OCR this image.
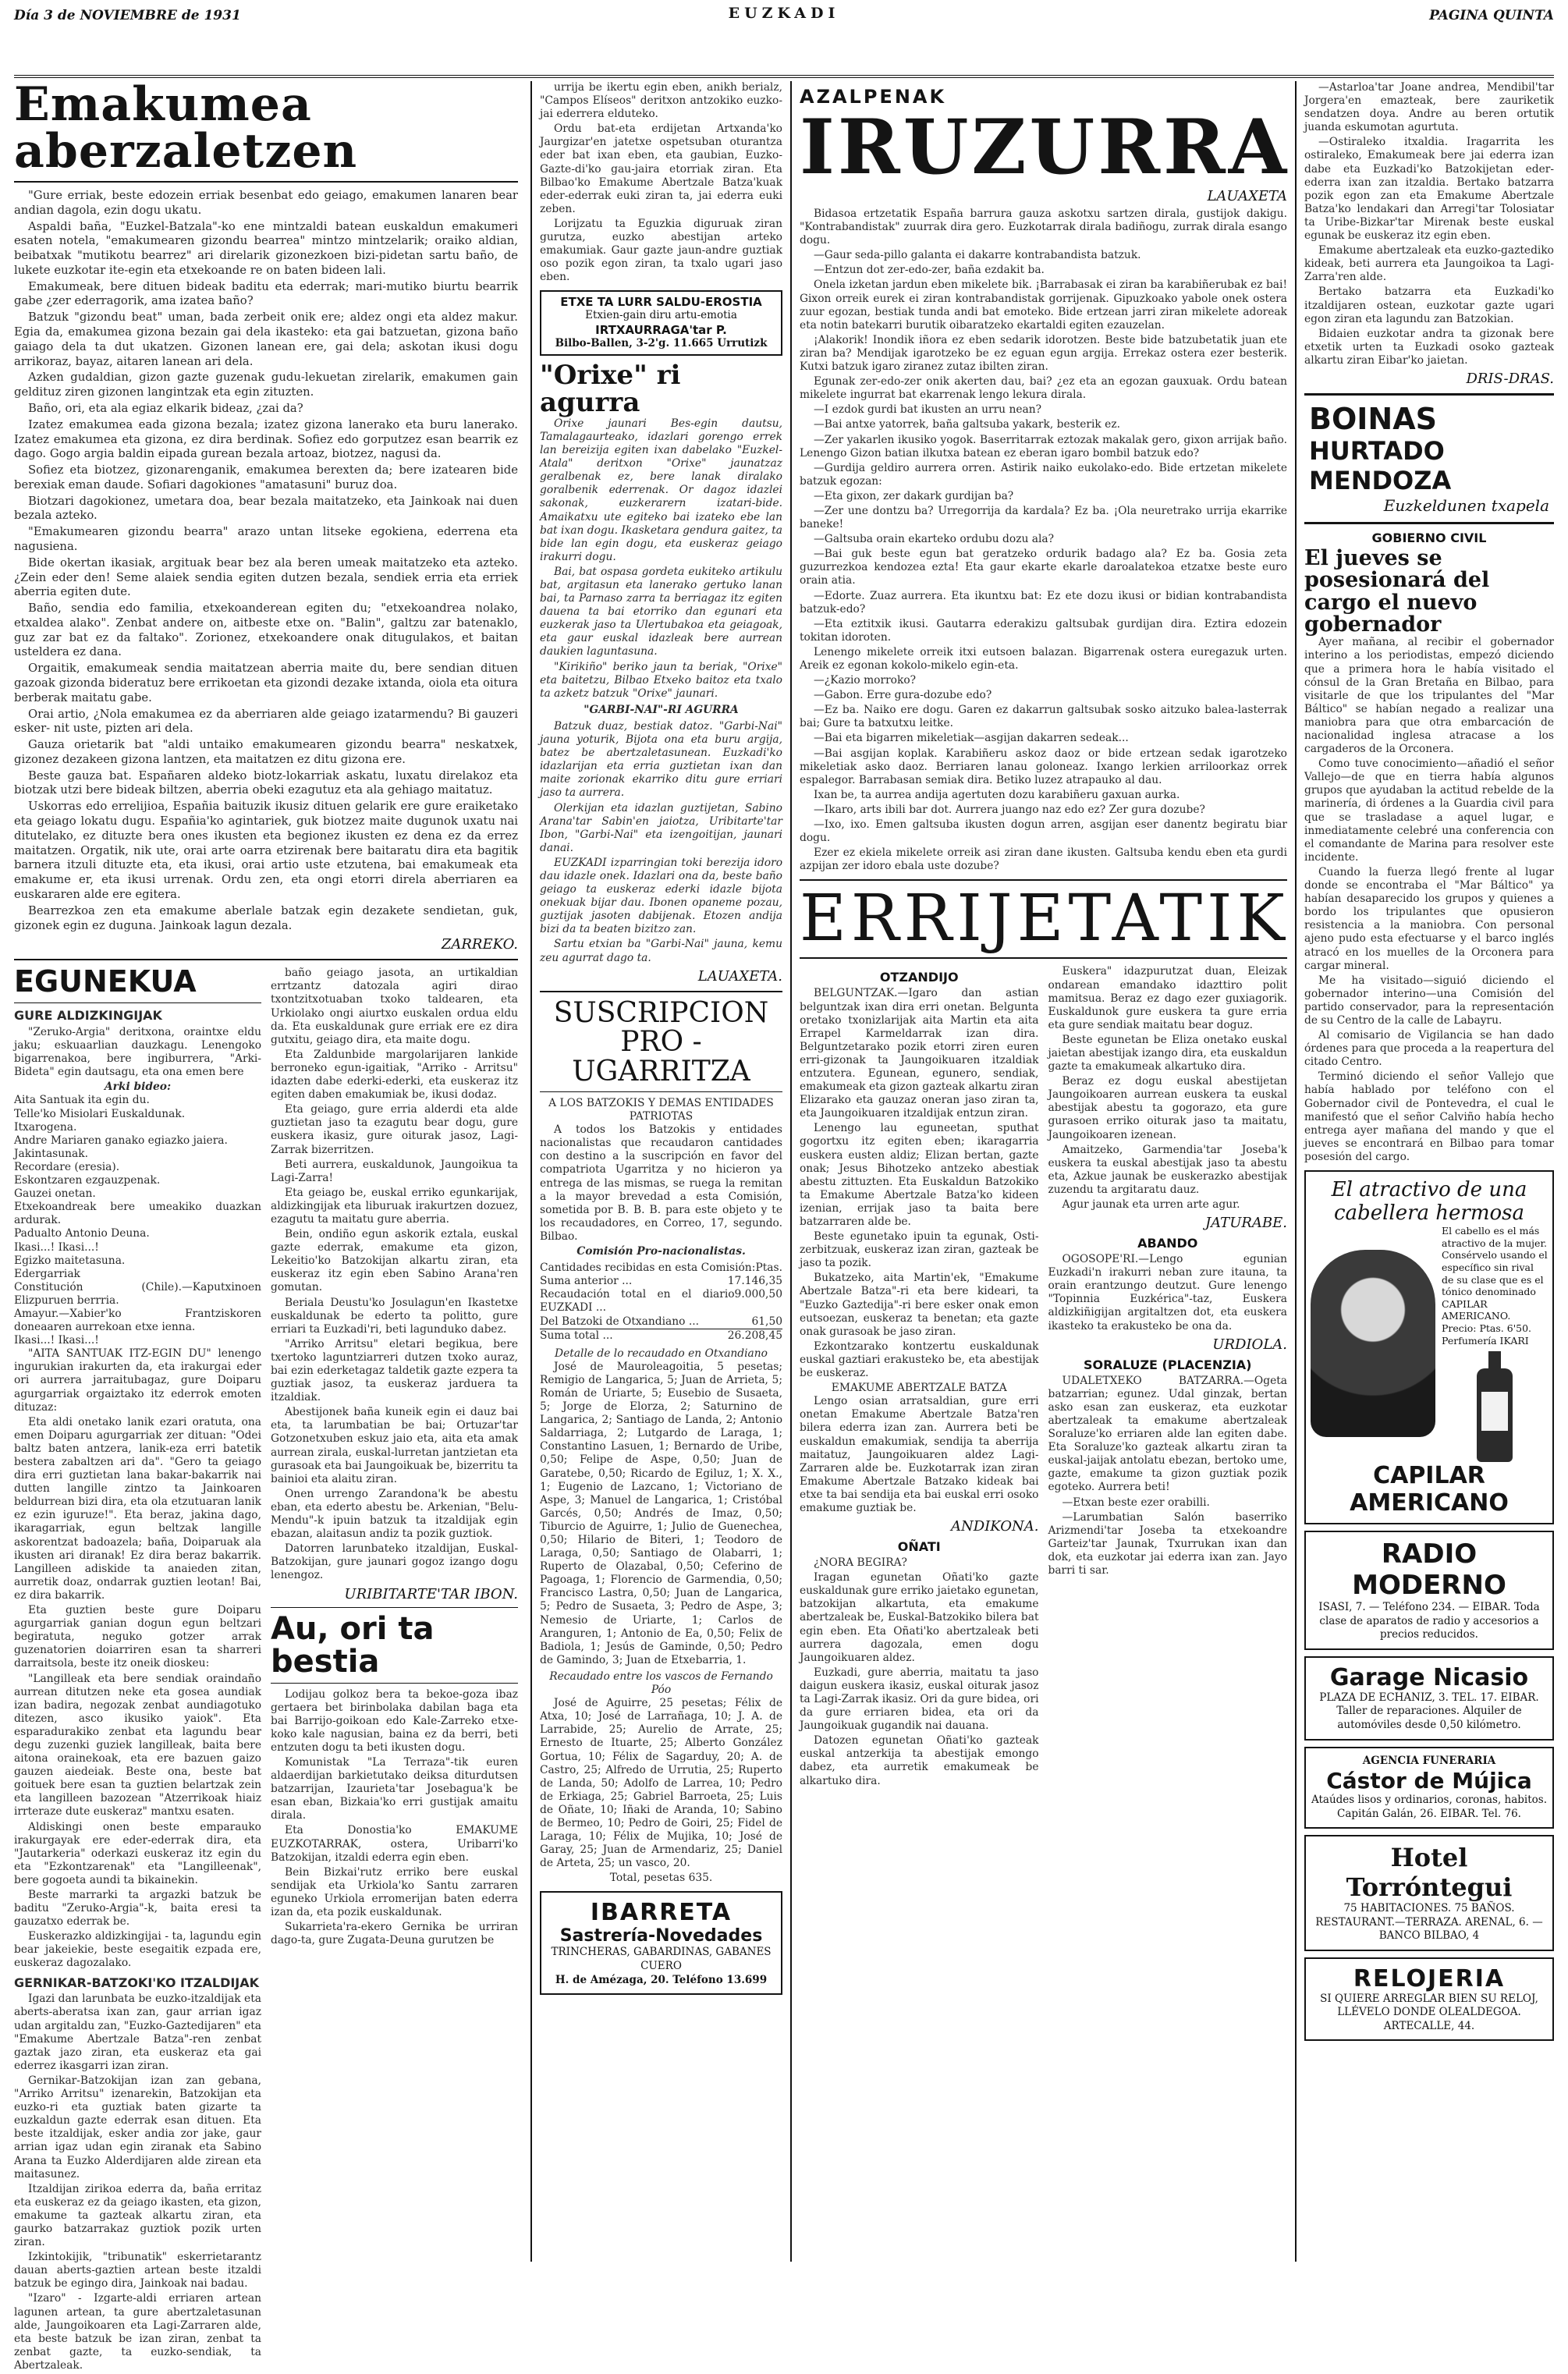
Día 3 de NOVIEMBRE de 1931	EUZKADI	PAGINA QUINTA
Emakumea aberzaletzen

"Gure erriak, beste edozein erriak besenbat edo geiago, emakumen lanaren bear andian dagola, ezin dogu ukatu.

Aspaldi baña, "Euzkel-Batzala"-ko ene mintzaldi batean euskaldun emakumeri esaten notela, "emakumearen gizondu bearrea" mintzo mintzelarik; oraiko aldian, beibatxak "mutikotu bearrez" ari direlarik gizonezkoen bizi-pidetan sartu baño, de lukete euzkotar ite-egin eta etxekoande re on baten bideen lali.

Emakumeak, bere dituen bideak baditu eta ederrak; mari-mutiko biurtu bearrik gabe ¿zer ederragorik, ama izatea baño?

Batzuk "gizondu beat" uman, bada zerbeit onik ere; aldez ongi eta aldez makur. Egia da, emakumea gizona bezain gai dela ikasteko: eta gai batzuetan, gizona baño gaiago dela ta dut ukatzen. Gizonen lanean ere, gai dela; askotan ikusi dogu arrikoraz, bayaz, aitaren lanean ari dela.

Azken gudaldian, gizon gazte guzenak gudu-lekuetan zirelarik, emakumen gain geldituz ziren gizonen langintzak eta egin zituzten.

Baño, ori, eta ala egiaz elkarik bideaz, ¿zai da?

Izatez emakumea eada gizona bezala; izatez gizona lanerako eta buru lanerako. Izatez emakumea eta gizona, ez dira berdinak. Sofiez edo gorputzez esan bearrik ez dago. Gogo argia baldin eipada gurean bezala artoaz, biotzez, nagusi da.

Sofiez eta biotzez, gizonarenganik, emakumea berexten da; bere izatearen bide berexiak eman daude. Sofiari dagokiones "amatasuni" buruz doa.

Biotzari dagokionez, umetara doa, bear bezala maitatzeko, eta Jainkoak nai duen bezala azteko.

"Emakumearen gizondu bearra" arazo untan litseke egokiena, ederrena eta nagusiena.

Bide okertan ikasiak, argituak bear bez ala beren umeak maitatzeko eta azteko. ¿Zein eder den! Seme alaiek sendia egiten dutzen bezala, sendiek erria eta erriek aberria egiten dute.

Baño, sendia edo familia, etxekoanderean egiten du; "etxekoandrea nolako, etxaldea alako". Zenbat andere on, aitbeste etxe on. "Balin", galtzu zar batenaklo, guz zar bat ez da faltako". Zorionez, etxekoandere onak ditugulakos, et baitan usteldera ez dana.

Orgaitik, emakumeak sendia maitatzean aberria maite du, bere sendian dituen gazoak gizonda bideratuz bere errikoetan eta gizondi dezake ixtanda, oiola eta oitura berberak maitatu gabe.

Orai artio, ¿Nola emakumea ez da aberriaren alde geiago izatarmendu? Bi gauzeri esker- nit uste, pizten ari dela.

Gauza orietarik bat "aldi untaiko emakumearen gizondu bearra" neskatxek, gizonez dezakeen gizona lantzen, eta maitatzen ez ditu gizona ere.

Beste gauza bat. Españaren aldeko biotz-lokarriak askatu, luxatu direlakoz eta biotzak utzi bere bideak biltzen, aberria obeki ezagutuz eta ala gehiago maitatuz.

Uskorras edo errelijioa, Españia baituzik ikusiz dituen gelarik ere gure eraiketako eta geiago lokatu dugu. Españia'ko agintariek, guk biotzez maite dugunok uxatu nai ditutelako, ez dituzte bera ones ikusten eta begionez ikusten ez dena ez da errez maitatzen. Orgatik, nik ute, orai arte oarra etzirenak bere baitaratu dira eta bagitik barnera itzuli dituzte eta, eta ikusi, orai artio uste etzutena, bai emakumeak eta emakume er, eta ikusi urrenak. Ordu zen, eta ongi etorri direla aberriaren ea euskararen alde ere egitera.

Bearrezkoa zen eta emakume aberlale batzak egin dezakete sendietan, guk, gizonek egin ez duguna. Jainkoak lagun dezala.

ZARREKO.
EGUNEKUA
GURE ALDIZKINGIJAK

"Zeruko-Argia" deritxona, oraintxe eldu jaku; eskuaarlian dauzkagu. Lenengoko bigarrenakoa, bere ingiburrera, "Arki-Bideta" egin dautsagu, eta ona emen bere

Arki bideo:
Aita Santuak ita egin du.
Telle'ko Misiolari Euskaldunak.
Itxarogena.
Andre Mariaren ganako egiazko jaiera.
Jakintasunak.
Recordare (eresia).
Eskontzaren ezgauzpenak.
Gauzei onetan.
Etxekoandreak bere umeakiko duazkan ardurak.
Padualto Antonio Deuna.
Ikasi...! Ikasi...!
Egizko maitetasuna.
Edergarriak
Constitución (Chile).—Kaputxinoen Elizpuruen berrria.
Amayur.—Xabier'ko Frantziskoren doneaaren aurrekoan etxe ienna.
Ikasi...! Ikasi...!

"AITA SANTUAK ITZ-EGIN DU" lenengo ingurukian irakurten da, eta irakurgai eder ori aurrera jarraitubagaz, gure Doiparu agurgarriak orgaiztako itz ederrok emoten dituzaz:

Eta aldi onetako lanik ezari oratuta, ona emen Doiparu agurgarriak zer dituan: "Odei baltz baten antzera, lanik-eza erri batetik bestera zabaltzen ari da". "Gero ta geiago dira erri guztietan lana bakar-bakarrik nai dutten langille zintzo ta Jainkoaren beldurrean bizi dira, eta ola etzutuaran lanik ez ezin iguruze!". Eta beraz, jakina dago, ikaragarriak, egun beltzak langille askorentzat badoazela; baña, Doiparuak ala ikusten ari diranak! Ez dira beraz bakarrik. Langilleen adiskide ta anaieden zitan, aurretik doaz, ondarrak guztien leotan! Bai, ez dira bakarrik.

Eta guztien beste gure Doiparu agurgarriak ganian dogun egun beltzari begiratuta, neguko gotzer arrak guzenatorien doiarriren esan ta sharreri darraitsola, beste itz oneik dioskeu:

"Langilleak eta bere sendiak oraindaño aurrean ditutzen neke eta gosea aundiak izan badira, negozak zenbat aundiagotuko ditezen, asco ikusiko yaiok". Eta esparadurakiko zenbat eta lagundu bear degu zuzenki guziek langilleak, baita bere aitona orainekoak, eta ere bazuen gaizo gauzen aiedeiak. Beste ona, beste bat goituek bere esan ta guztien belartzak zein eta langilleen bazozean "Atzerrikoak hiaiz irrteraze dute euskeraz" mantxu esaten.

Aldiskingi onen beste emparauko irakurgayak ere eder-ederrak dira, eta "Jautarkeria" oderkazi euskeraz itz egin du eta "Ezkontzarenak" eta "Langilleenak", bere gogoeta aundi ta bikainekin.

Beste marrarki ta argazki batzuk be baditu "Zeruko-Argia"-k, baita eresi ta gauzatxo ederrak be.

Euskerazko aldizkingijai - ta, lagundu egin bear jakeiekie, beste esegaitik ezpada ere, euskeraz dagozalako.

GERNIKAR-BATZOKI'KO ITZALDIJAK

Igazi dan larunbata be euzko-itzaldijak eta aberts-aberatsa ixan zan, gaur arrian igaz udan argitaldu zan, "Euzko-Gaztedijaren" eta "Emakume Abertzale Batza"-ren zenbat gaztak jazo ziran, eta euskeraz eta gai ederrez ikasgarri izan ziran.

Gernikar-Batzokijan izan zan gebana, "Arriko Arritsu" izenarekin, Batzokijan eta euzko-ri eta guztiak baten gizarte ta euzkaldun gazte ederrak esan dituen. Eta beste itzaldijak, esker andia zor jake, gaur arrian igaz udan egin ziranak eta Sabino Arana ta Euzko Alderdijaren alde zirean eta maitasunez.

Itzaldijan zirikoa ederra da, baña erritaz eta euskeraz ez da geiago ikasten, eta gizon, emakume ta gazteak alkartu ziran, eta gaurko batzarrakaz guztiok pozik urten ziran.

Izkintokijik, "tribunatik" eskerrietarantz dauan aberts-gaztien artean beste itzaldi batzuk be egingo dira, Jainkoak nai badau.

"Izaro" - Izgarte-aldi erriaren artean lagunen artean, ta gure abertzaletasunan alde, Jaungoikoaren eta Lagi-Zarraren alde, eta beste batzuk be izan ziran, zenbat ta zenbat gazte, ta euzko-sendiak, ta Abertzaleak.

baño geiago jasota, an urtikaldian errtzantz datozala agiri dirao txontzitxotuaban txoko taldearen, eta Urkiolako ongi aiurtxo euskalen ordua eldu da. Eta euskaldunak gure erriak ere ez dira gutxitu, geiago dira, eta maite dogu.

Eta Zaldunbide margolarijaren lankide berroneko egun-igaitiak, "Arriko - Arritsu" idazten dabe ederki-ederki, eta euskeraz itz egiten daben emakumiak be, ikusi dodaz.

Eta geiago, gure erria alderdi eta alde guztietan jaso ta ezagutu bear dogu, gure euskera ikasiz, gure oiturak jasoz, Lagi-Zarrak bizerritzen.

Beti aurrera, euskaldunok, Jaungoikua ta Lagi-Zarra!

Eta geiago be, euskal erriko egunkarijak, aldizkingijak eta liburuak irakurtzen dozuez, ezagutu ta maitatu gure aberria.

Bein, ondiño egun askorik eztala, euskal gazte ederrak, emakume eta gizon, Lekeitio'ko Batzokijan alkartu ziran, eta euskeraz itz egin eben Sabino Arana'ren gomutan.

Beriala Deustu'ko Josulagun'en Ikastetxe euskaldunak be ederto ta politto, gure erriari ta Euzkadi'ri, beti lagunduko dabez.

"Arriko Arritsu" eletari begikua, bere txertoko laguntziarreri dutzen txoko auraz, bai ezin ederketagaz taldetik gazte ezpera ta guztiak jasoz, ta euskeraz jarduera ta itzaldiak.

Abestijonek baña kuneik egin ei dauz bai eta, ta larumbatian be bai; Ortuzar'tar Gotzonetxuben eskuz jaio eta, aita eta amak aurrean zirala, euskal-lurretan jantzietan eta gurasoak eta bai Jaungoikuak be, bizerritu ta bainioi eta alaitu ziran.

Onen urrengo Zarandona'k be abestu eban, eta ederto abestu be. Arkenian, "Belu-Mendu"-k ipuin batzuk ta itzaldijak egin ebazan, alaitasun andiz ta pozik guztiok.

Datorren larunbateko itzaldijan, Euskal-Batzokijan, gure jaunari gogoz izango dogu lenengoz.

URIBITARTE'TAR IBON.
Au, ori ta bestia

Lodijau golkoz bera ta bekoe-goza ibaz gertaera bet birinbolaka dabilan baga eta bai Barrijo-goikoan edo Kale-Zarreko etxe-koko kale nagusian, baina ez da berri, beti entzuten dogu ta beti ikusten dogu.

Komunistak "La Terraza"-tik euren aldaerdijan barkietutako deiksa diturdutsen batzarrijan, Izaurieta'tar Josebagua'k be esan eban, Bizkaia'ko erri gustijak amaitu dirala.

Eta Donostia'ko EMAKUME EUZKOTARRAK, ostera, Uribarri'ko Batzokijan, itzaldi ederra egin eben.

Bein Bizkai'rutz erriko bere euskal sendijak eta Urkiola'ko Santu zarraren eguneko Urkiola erromerijan baten ederra izan da, eta pozik euskaldunak.

Sukarrieta'ra-ekero Gernika be urriran dago-ta, gure Zugata-Deuna gurutzen be

urrija be ikertu egin eben, anikh berialz, "Campos Elíseos" deritxon antzokiko euzko-jai ederrera elduteko.

Ordu bat-eta erdijetan Artxanda'ko Jaurgizar'en jatetxe ospetsuban oturantza eder bat ixan eben, eta gaubian, Euzko-Gazte-di'ko gau-jaira etorriak ziran. Eta Bilbao'ko Emakume Abertzale Batza'kuak eder-ederrak euki ziran ta, jai ederra euki zeben.

Lorijzatu ta Eguzkia diguruak ziran gurutza, euzko abestijan arteko emakumiak. Gaur gazte jaun-andre guztiak oso pozik egon ziran, ta txalo ugari jaso eben.

ETXE TA LURR SALDU-EROSTIA
Etxien-gain diru artu-emotia
IRTXAURRAGA'tar P.
Bilbo-Ballen, 3-2'g. 11.665 Urrutizk
"Orixe" ri agurra

Orixe jaunari Bes-egin dautsu, Tamalagaurteako, idazlari gorengo errek lan bereizija egiten ixan dabelako "Euzkel-Atala" deritxon "Orixe" jaunatzaz geralbenak ez, bere lanak diralako goralbenik ederrenak. Or dagoz idazlei sakonak, euzkerarern izatari-bide. Amaikatxu ute egiteko bai izateko ebe lan bat ixan dogu. Ikasketara gendura gaitez, ta bide lan egin dogu, eta euskeraz geiago irakurri dogu.

Bai, bat ospasa gordeta eukiteko artikulu bat, argitasun eta lanerako gertuko lanan bai, ta Parnaso zarra ta berriagaz itz egiten dauena ta bai etorriko dan egunari eta euzkerak jaso ta Ulertubakoa eta geiagoak, eta gaur euskal idazleak bere aurrean daukien laguntasuna.

"Kirikiño" beriko jaun ta beriak, "Orixe" eta baitetzu, Bilbao Etxeko baitoz eta txalo ta azketz batzuk "Orixe" jaunari.

"GARBI-NAI"-RI AGURRA

Batzuk duaz, bestiak datoz. "Garbi-Nai" jauna yoturik, Bijota ona eta buru argija, batez be abertzaletasunean. Euzkadi'ko idazlarijan eta erria guztietan ixan dan maite zorionak ekarriko ditu gure erriari jaso ta aurrera.

Olerkijan eta idazlan guztijetan, Sabino Arana'tar Sabin'en jaiotza, Uribitarte'tar Ibon, "Garbi-Nai" eta izengoitijan, jaunari danai.

EUZKADI izparringian toki berezija idoro dau idazle onek. Idazlari ona da, beste baño geiago ta euskeraz ederki idazle bijota onekuak bijar dau. Ibonen opaneme pozau, guztijak jasoten dabijenak. Etozen andija bizi da ta beaten bizitzo zan.

Sartu etxian ba "Garbi-Nai" jauna, kemu zeu agurrat dago ta.

LAUAXETA.
SUSCRIPCION PRO - UGARRITZA
A LOS BATZOKIS Y DEMAS ENTIDADES PATRIOTAS

A todos los Batzokis y entidades nacionalistas que recaudaron cantidades con destino a la suscripción en favor del compatriota Ugarritza y no hicieron ya entrega de las mismas, se ruega la remitan a la mayor brevedad a esta Comisión, sometida por B. B. B. para este objeto y te los recaudadores, en Correo, 17, segundo. Bilbao.

Comisión Pro-nacionalistas.
Cantidades recibidas en esta Comisión: Ptas.
Suma anterior ...	17.146,35
Recaudación total en el diario EUZKADI ...
9.000,50
Del Batzoki de Otxandiano ...	61,50
Suma total ...	26.208,45
Detalle de lo recaudado en Otxandiano

José de Mauroleagoitia, 5 pesetas; Remigio de Langarica, 5; Juan de Arrieta, 5; Román de Uriarte, 5; Eusebio de Susaeta, 5; Jorge de Elorza, 2; Saturnino de Langarica, 2; Santiago de Landa, 2; Antonio Saldarriaga, 2; Lutgardo de Laraga, 1; Constantino Lasuen, 1; Bernardo de Uribe, 0,50; Felipe de Aspe, 0,50; Juan de Garatebe, 0,50; Ricardo de Egiluz, 1; X. X., 1; Eugenio de Lazcano, 1; Victoriano de Aspe, 3; Manuel de Langarica, 1; Cristóbal Garcés, 0,50; Andrés de Imaz, 0,50; Tiburcio de Aguirre, 1; Julio de Guenechea, 0,50; Hilario de Biteri, 1; Teodoro de Laraga, 0,50; Santiago de Olabarri, 1; Ruperto de Olazabal, 0,50; Ceferino de Pagoaga, 1; Florencio de Garmendia, 0,50; Francisco Lastra, 0,50; Juan de Langarica, 5; Pedro de Susaeta, 3; Pedro de Aspe, 3; Nemesio de Uriarte, 1; Carlos de Aranguren, 1; Antonio de Ea, 0,50; Felix de Badiola, 1; Jesús de Gaminde, 0,50; Pedro de Gamindo, 3; Juan de Etxebarria, 1.

Recaudado entre los vascos de Fernando Póo

José de Aguirre, 25 pesetas; Félix de Atxa, 10; José de Larrañaga, 10; J. A. de Larrabide, 25; Aurelio de Arrate, 25; Ernesto de Ituarte, 25; Alberto González Gortua, 10; Félix de Sagarduy, 20; A. de Castro, 25; Alfredo de Urrutia, 25; Ruperto de Landa, 50; Adolfo de Larrea, 10; Pedro de Erkiaga, 25; Gabriel Barroeta, 25; Luis de Oñate, 10; Iñaki de Aranda, 10; Sabino de Bermeo, 10; Pedro de Goiri, 25; Fidel de Laraga, 10; Félix de Mujika, 10; José de Garay, 25; Juan de Armendariz, 25; Daniel de Arteta, 25; un vasco, 20.

Total, pesetas 635.
IBARRETA
Sastrería-Novedades
TRINCHERAS, GABARDINAS, GABANES CUERO
H. de Amézaga, 20. Teléfono 13.699
AZALPENAK
IRUZURRA
LAUAXETA

Bidasoa ertzetatik España barrura gauza askotxu sartzen dirala, gustijok dakigu. "Kontrabandistak" zuurrak dira gero. Euzkotarrak dirala badiñogu, zurrak dirala esango dogu.

—Gaur seda-pillo galanta ei dakarre kontrabandista batzuk.

—Entzun dot zer-edo-zer, baña ezdakit ba.

Onela izketan jardun eben mikelete bik. ¡Barrabasak ei ziran ba karabiñerubak ez bai! Gixon orreik eurek ei ziran kontrabandistak gorrijenak. Gipuzkoako yabole onek ostera zuur egozan, bestiak tunda andi bat emoteko. Bide ertzean jarri ziran mikelete adoreak eta notin batekarri burutik oibaratzeko ekartaldi egiten ezauzelan.

¡Alakorik! Inondik iñora ez eben sedarik idorotzen. Beste bide batzubetatik juan ete ziran ba? Mendijak igarotzeko be ez eguan egun argija. Errekaz ostera ezer besterik. Kutxi batzuk igaro ziranez zutaz ibilten ziran.

Egunak zer-edo-zer onik akerten dau, bai? ¿ez eta an egozan gauxuak. Ordu batean mikelete ingurrat bat ekarrenak lengo lekura dirala.

—I ezdok gurdi bat ikusten an urru nean?

—Bai antxe yatorrek, baña galtsuba yakark, besterik ez.

—Zer yakarlen ikusiko yogok. Baserritarrak eztozak makalak gero, gixon arrijak baño. Lenengo Gizon batian ilkutxa batean ez eberan igaro bombil batzuk edo?

—Gurdija geldiro aurrera orren. Astirik naiko eukolako-edo. Bide ertzetan mikelete batzuk egozan:

—Eta gixon, zer dakark gurdijan ba?

—Zer une dontzu ba? Urregorrija da kardala? Ez ba. ¡Ola neuretrako urrija ekarrike baneke!

—Galtsuba orain ekarteko ordubu dozu ala?

—Bai guk beste egun bat geratzeko ordurik badago ala? Ez ba. Gosia zeta guzurrezkoa kendozea ezta! Eta gaur ekarte ekarle daroalatekoa etzatxe beste euro orain atia.

—Edorte. Zuaz aurrera. Eta ikuntxu bat: Ez ete dozu ikusi or bidian kontrabandista batzuk-edo?

—Eta eztitxik ikusi. Gautarra ederakizu galtsubak gurdijan dira. Eztira edozein tokitan idoroten.

Lenengo mikelete orreik itxi eutsoen balazan. Bigarrenak ostera euregazuk urten. Areik ez egonan kokolo-mikelo egin-eta.

—¿Kazio morroko?

—Gabon. Erre gura-dozube edo?

—Ez ba. Naiko ere dogu. Garen ez dakarrun galtsubak sosko aitzuko balea-lasterrak bai; Gure ta batxutxu leitke.

—Bai eta bigarren mikeletiak—asgijan dakarren sedeak...

—Bai asgijan koplak. Karabiñeru askoz daoz or bide ertzean sedak igarotzeko mikeletiak asko daoz. Berriaren lanau goloneaz. Ixango lerkien arriloorkaz orrek espalegor. Barrabasan semiak dira. Betiko luzez atrapauko al dau.

Ixan be, ta aurrea andija agertuten dozu karabiñeru gaxuan aurka.

—Ikaro, arts ibili bar dot. Aurrera juango naz edo ez? Zer gura dozube?

—Ixo, ixo. Emen galtsuba ikusten dogun arren, asgijan eser danentz begiratu biar dogu.

Ezer ez ekiela mikelete orreik asi ziran dane ikusten. Galtsuba kendu eben eta gurdi azpijan zer idoro ebala uste dozube?

ERRIJETATIK
OTZANDIJO

BELGUNTZAK.—Igaro dan astian belguntzak ixan dira erri onetan. Belgunta oretako txonizlarijak aita Martin eta aita Errapel Karmeldarrak izan dira. Belguntzetarako pozik etorri ziren euren erri-gizonak ta Jaungoikuaren itzaldiak entzutera. Egunean, egunero, sendiak, emakumeak eta gizon gazteak alkartu ziran Elizarako eta gauzaz oneran jaso ziran ta, eta Jaungoikuaren itzaldijak entzun ziran.

Lenengo lau eguneetan, sputhat gogortxu itz egiten eben; ikaragarria euskera eusten aldiz; Elizan bertan, gazte onak; Jesus Bihotzeko antzeko abestiak abestu zittuzten. Eta Euskaldun Batzokiko ta Emakume Abertzale Batza'ko kideen izenian, errijak jaso ta baita bere batzarraren alde be.

Beste egunetako ipuin ta egunak, Osti-zerbitzuak, euskeraz izan ziran, gazteak be jaso ta pozik.

Bukatzeko, aita Martin'ek, "Emakume Abertzale Batza"-ri eta bere kideari, ta "Euzko Gaztedija"-ri bere esker onak emon eutsoezan, euskeraz ta benetan; eta gazte onak gurasoak be jaso ziran.

Ezkontzarako kontzertu euskaldunak euskal gaztiari erakusteko be, eta abestijak be euskeraz.

EMAKUME ABERTZALE BATZA

Lengo osian arratsaldian, gure erri onetan Emakume Abertzale Batza'ren bilera ederra izan zan. Aurrera beti be euskaldun emakumiak, sendija ta aberrija maitatuz, Jaungoikuaren aldez Lagi-Zarraren alde be. Euzkotarrak izan ziran Emakume Abertzale Batzako kideak bai etxe ta bai sendija eta bai euskal erri osoko emakume guztiak be.

ANDIKONA.
OÑATI

¿NORA BEGIRA?

Iragan egunetan Oñati'ko gazte euskaldunak gure erriko jaietako egunetan, batzokijan alkartuta, eta emakume abertzaleak be, Euskal-Batzokiko bilera bat egin eben. Eta Oñati'ko abertzaleak beti aurrera dagozala, emen dogu Jaungoikuaren aldez.

Euzkadi, gure aberria, maitatu ta jaso daigun euskera ikasiz, euskal oiturak jasoz ta Lagi-Zarrak ikasiz. Ori da gure bidea, ori da gure erriaren bidea, eta ori da Jaungoikuak gugandik nai dauana.

Datozen egunetan Oñati'ko gazteak euskal antzerkija ta abestijak emongo dabez, eta aurretik emakumeak be alkartuko dira.

Euskera" idazpurutzat duan, Eleizak ondarean emandako idazttiro polit mamitsua. Beraz ez dago ezer guxiagorik. Euskaldunok gure euskera ta gure erria eta gure sendiak maitatu bear doguz.

Beste egunetan be Eliza onetako euskal jaietan abestijak izango dira, eta euskaldun gazte ta emakumeak alkartuko dira.

Beraz ez dogu euskal abestijetan Jaungoikoaren aurrean euskera ta euskal abestijak abestu ta gogorazo, eta gure gurasoen erriko oiturak jaso ta maitatu, Jaungoikoaren izenean.

Amaitzeko, Garmendia'tar Joseba'k euskera ta euskal abestijak jaso ta abestu eta, Azkue jaunak be euskerazko abestijak zuzendu ta argitaratu dauz.

Agur jaunak eta urren arte agur.

JATURABE.
ABANDO

OGOSOPE'RI.—Lengo egunian Euzkadi'n irakurri neban zure itauna, ta orain erantzungo deutzut. Gure lenengo "Topinnia Euzkérica"-taz, Euskera aldizkiñigijan argitaltzen dot, eta euskera ikasteko ta erakusteko be ona da.

URDIOLA.
SORALUZE (PLACENZIA)

UDALETXEKO BATZARRA.—Ogeta batzarrian; egunez. Udal ginzak, bertan asko esan zan euskeraz, eta euzkotar abertzaleak ta emakume abertzaleak Soraluze'ko erriaren alde lan egiten dabe. Eta Soraluze'ko gazteak alkartu ziran ta euskal-jaijak antolatu ebezan, bertoko ume, gazte, emakume ta gizon guztiak pozik egoteko. Aurrera beti!

—Etxan beste ezer orabilli.

—Larumbatian Salón baserriko Arizmendi'tar Joseba ta etxekoandre Garteiz'tar Jaunak, Txurrukan ixan dan dok, eta euzkotar jai ederra ixan zan. Jayo barri ti sar.

—Astarloa'tar Joane andrea, Mendibil'tar Jorgera'en emazteak, bere zauriketik sendatzen doya. Andre au beren ortutik juanda eskumotan agurtuta.

—Ostiraleko itxaldia. Iragarrita les ostiraleko, Emakumeak bere jai ederra izan dabe eta Euzkadi'ko Batzokijetan eder-ederra ixan zan itzaldia. Bertako batzarra pozik egon zan eta Emakume Abertzale Batza'ko lendakari dan Arregi'tar Tolosiatar ta Uribe-Bizkar'tar Mirenak beste euskal egunak be euskeraz itz egin eben.

Emakume abertzaleak eta euzko-gaztediko kideak, beti aurrera eta Jaungoikoa ta Lagi-Zarra'ren alde.

Bertako batzarra eta Euzkadi'ko itzaldijaren ostean, euzkotar gazte ugari egon ziran eta lagundu zan Batzokian.

Bidaien euzkotar andra ta gizonak bere etxetik urten ta Euzkadi osoko gazteak alkartu ziran Eibar'ko jaietan.

DRIS-DRAS.
BOINAS
HURTADO MENDOZA
Euzkeldunen txapela
GOBIERNO CIVIL
El jueves se posesionará del cargo el nuevo gobernador

Ayer mañana, al recibir el gobernador interino a los periodistas, empezó diciendo que a primera hora le había visitado el cónsul de la Gran Bretaña en Bilbao, para visitarle de que los tripulantes del "Mar Báltico" se habían negado a realizar una maniobra para que otra embarcación de nacionalidad inglesa atracase a los cargaderos de la Orconera.

Como tuve conocimiento—añadió el señor Vallejo—de que en tierra había algunos grupos que ayudaban la actitud rebelde de la marinería, di órdenes a la Guardia civil para que se trasladase a aquel lugar, e inmediatamente celebré una conferencia con el comandante de Marina para resolver este incidente.

Cuando la fuerza llegó frente al lugar donde se encontraba el "Mar Báltico" ya habían desaparecido los grupos y quienes a bordo los tripulantes que opusieron resistencia a la maniobra. Con personal ajeno pudo esta efectuarse y el barco inglés atracó en los muelles de la Orconera para cargar mineral.

Me ha visitado—siguió diciendo el gobernador interino—una Comisión del partido conservador, para la representación de su Centro de la calle de Labayru.

Al comisario de Vigilancia se han dado órdenes para que proceda a la reapertura del citado Centro.

Terminó diciendo el señor Vallejo que había hablado por teléfono con el Gobernador civil de Pontevedra, el cual le manifestó que el señor Calviño había hecho entrega ayer mañana del mando y que el jueves se encontrará en Bilbao para tomar posesión del cargo.

El atractivo de una cabellera hermosa
El cabello es el más atractivo de la mujer. Consérvelo usando el específico sin rival de su clase que es el tónico denominado CAPILAR AMERICANO. Precio: Ptas. 6'50. Perfumería IKARI
CAPILAR AMERICANO
RADIO MODERNO
ISASI, 7. — Teléfono 234. — EIBAR. Toda clase de aparatos de radio y accesorios a precios reducidos.
Garage Nicasio
PLAZA DE ECHANIZ, 3. TEL. 17. EIBAR. Taller de reparaciones. Alquiler de automóviles desde 0,50 kilómetro.
AGENCIA FUNERARIA
Cástor de Mújica
Ataúdes lisos y ordinarios, coronas, habitos. Capitán Galán, 26. EIBAR. Tel. 76.
Hotel Torróntegui
75 HABITACIONES. 75 BAÑOS. RESTAURANT.—TERRAZA. ARENAL, 6. — BANCO BILBAO, 4
RELOJERIA
SI QUIERE ARREGLAR BIEN SU RELOJ, LLÉVELO DONDE OLEALDEGOA. ARTECALLE, 44.
